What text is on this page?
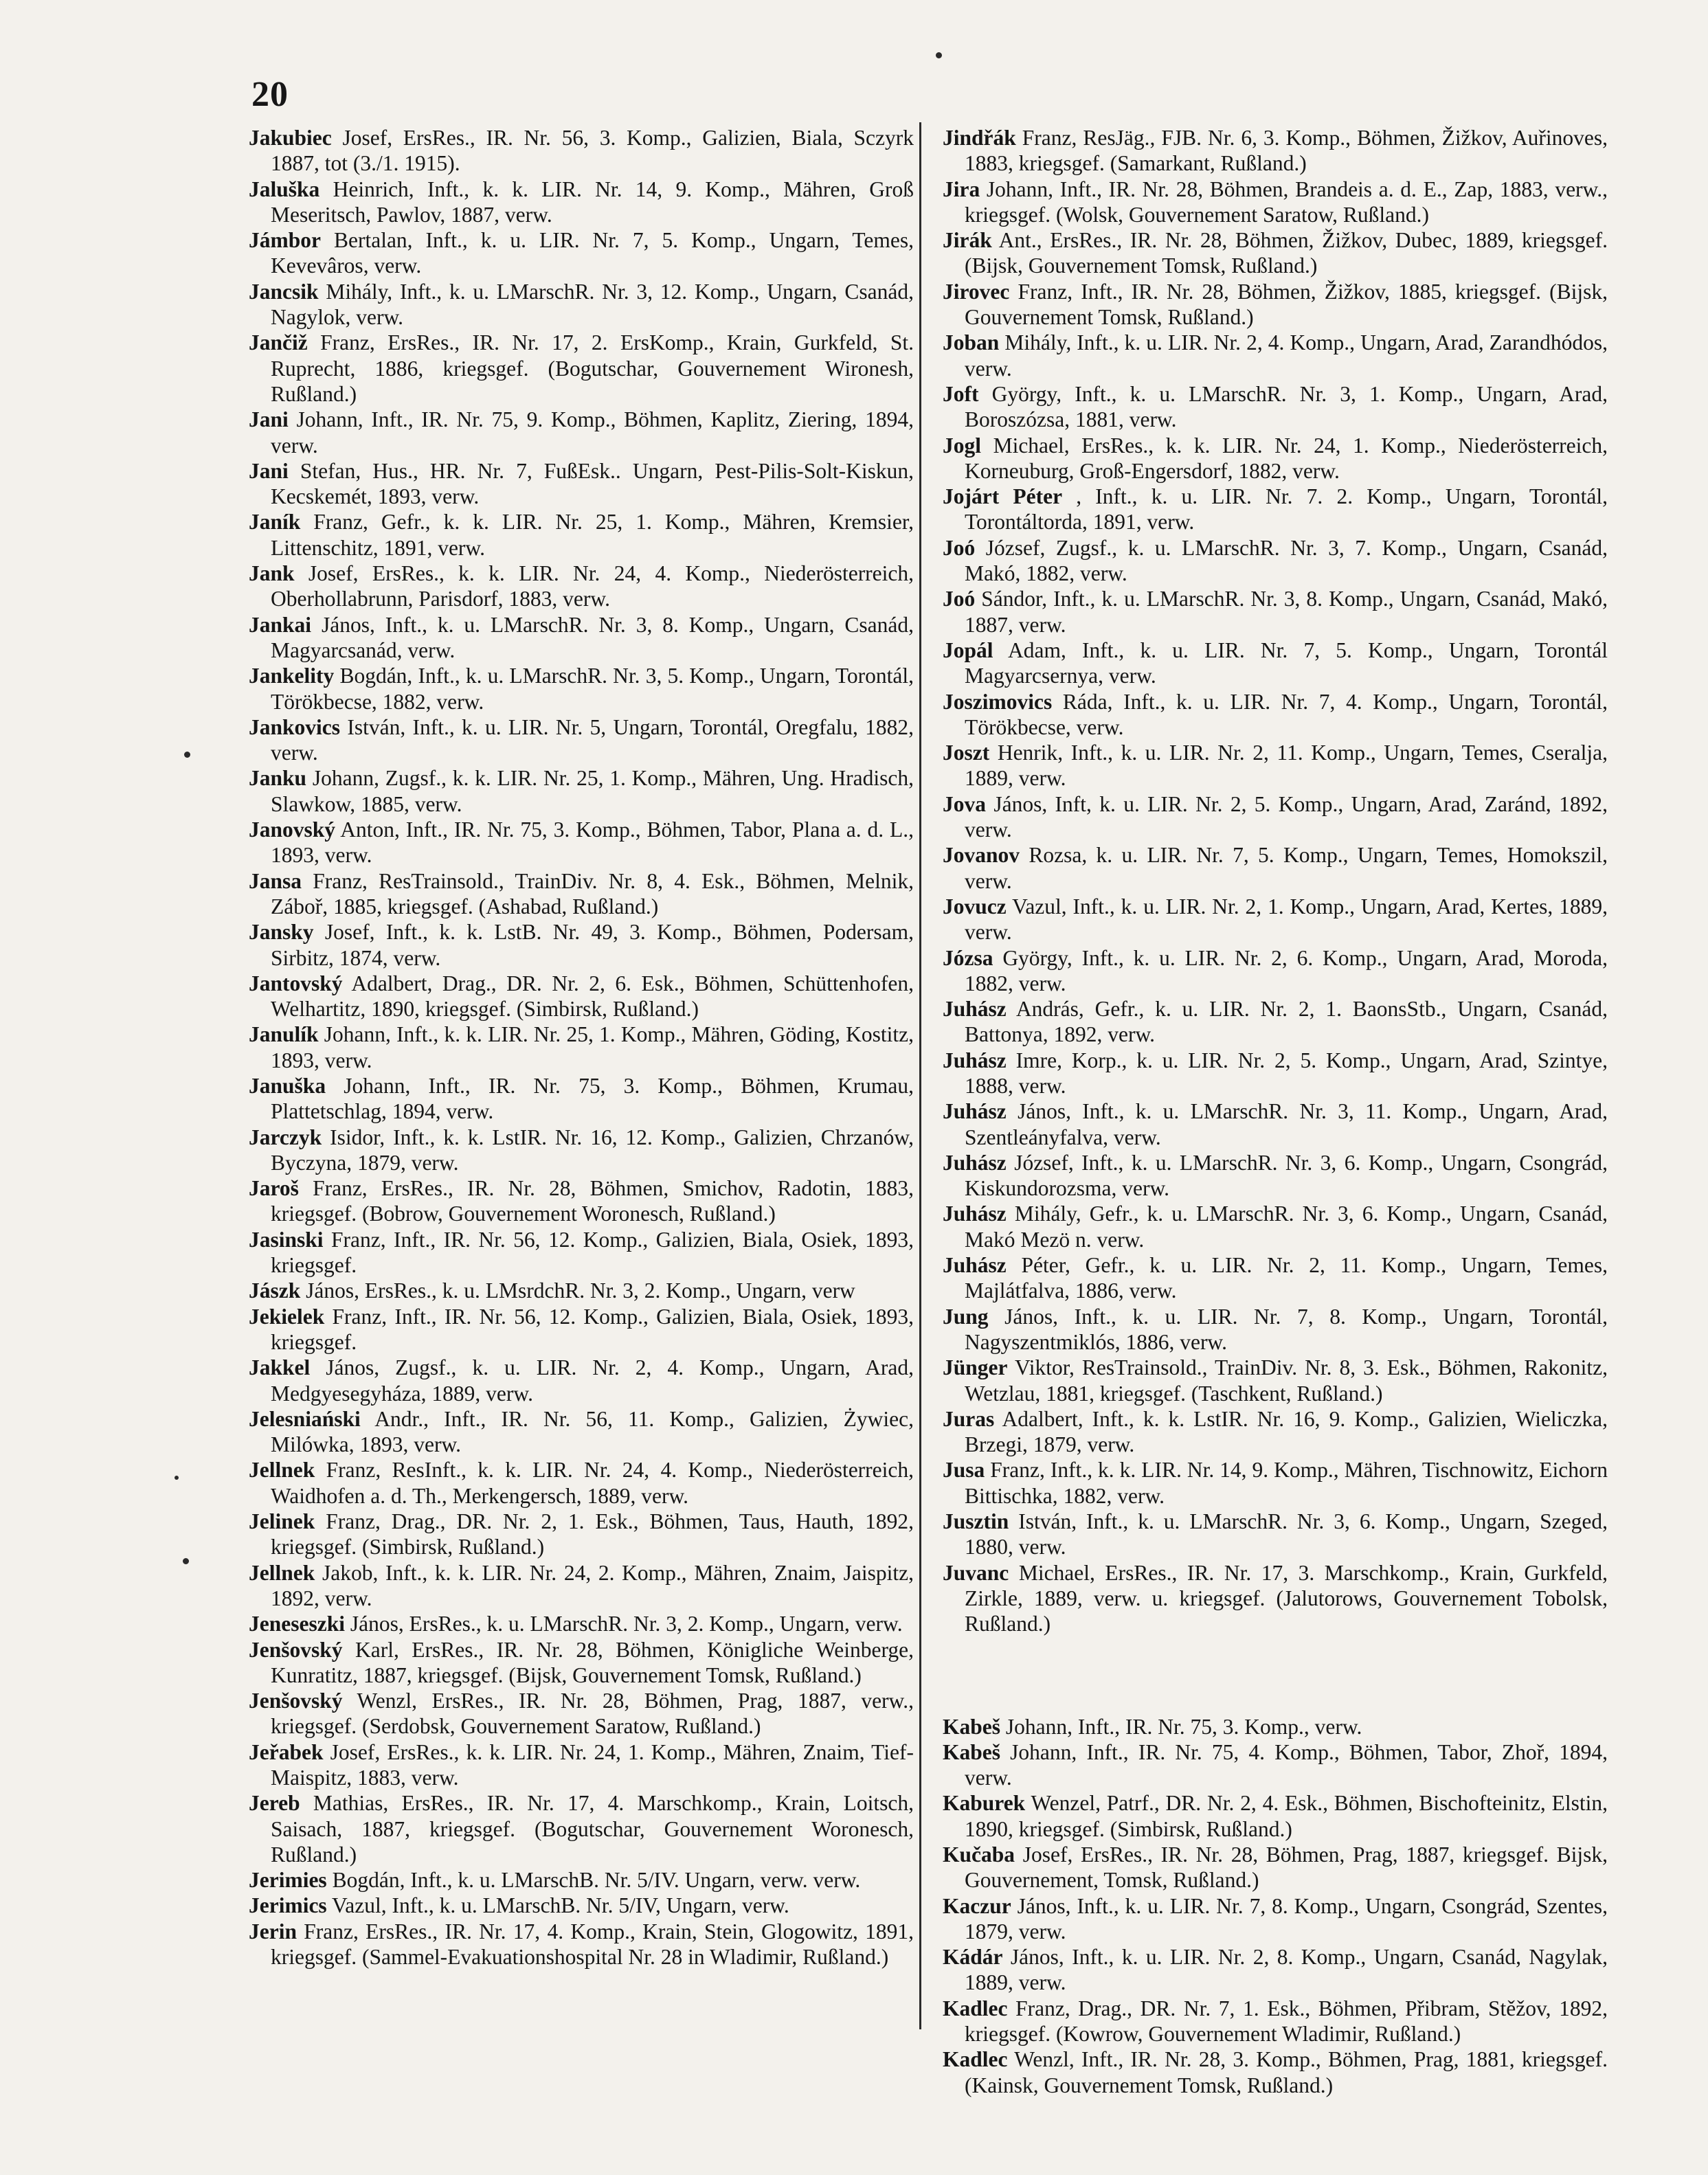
20

Jakubiec Josef, ErsRes., IR. Nr. 56, 3. Komp., Galizien, Biala, Sczyrk 1887, tot (3./1. 1915).

Jaluška Heinrich, Inft., k. k. LIR. Nr. 14, 9. Komp., Mähren, Groß Meseritsch, Pawlov, 1887, verw.

Jámbor Bertalan, Inft., k. u. LIR. Nr. 7, 5. Komp., Ungarn, Temes, Kevevâros, verw.

Jancsik Mihály, Inft., k. u. LMarschR. Nr. 3, 12. Komp., Ungarn, Csanád, Nagylok, verw.

Jančiž Franz, ErsRes., IR. Nr. 17, 2. ErsKomp., Krain, Gurkfeld, St. Ruprecht, 1886, kriegsgef. (Bogutschar, Gouvernement Wironesh, Rußland.)

Jani Johann, Inft., IR. Nr. 75, 9. Komp., Böhmen, Kaplitz, Ziering, 1894, verw.

Jani Stefan, Hus., HR. Nr. 7, FußEsk.. Ungarn, Pest-Pilis-Solt-Kiskun, Kecskemét, 1893, verw.

Janík Franz, Gefr., k. k. LIR. Nr. 25, 1. Komp., Mähren, Kremsier, Littenschitz, 1891, verw.

Jank Josef, ErsRes., k. k. LIR. Nr. 24, 4. Komp., Niederösterreich, Oberhollabrunn, Parisdorf, 1883, verw.

Jankai János, Inft., k. u. LMarschR. Nr. 3, 8. Komp., Ungarn, Csanád, Magyarcsanád, verw.

Jankelity Bogdán, Inft., k. u. LMarschR. Nr. 3, 5. Komp., Ungarn, Torontál, Törökbecse, 1882, verw.

Jankovics István, Inft., k. u. LIR. Nr. 5, Ungarn, Torontál, Oregfalu, 1882, verw.

Janku Johann, Zugsf., k. k. LIR. Nr. 25, 1. Komp., Mähren, Ung. Hradisch, Slawkow, 1885, verw.

Janovský Anton, Inft., IR. Nr. 75, 3. Komp., Böhmen, Tabor, Plana a. d. L., 1893, verw.

Jansa Franz, ResTrainsold., TrainDiv. Nr. 8, 4. Esk., Böhmen, Melnik, Zábоř, 1885, kriegsgef. (Ashabad, Rußland.)

Jansky Josef, Inft., k. k. LstB. Nr. 49, 3. Komp., Böhmen, Podersam, Sirbitz, 1874, verw.

Jantovský Adalbert, Drag., DR. Nr. 2, 6. Esk., Böhmen, Schüttenhofen, Welhartitz, 1890, kriegsgef. (Simbirsk, Rußland.)

Janulík Johann, Inft., k. k. LIR. Nr. 25, 1. Komp., Mähren, Göding, Kostitz, 1893, verw.

Januška Johann, Inft., IR. Nr. 75, 3. Komp., Böhmen, Krumau, Plattetschlag, 1894, verw.

Jarczyk Isidor, Inft., k. k. LstIR. Nr. 16, 12. Komp., Galizien, Chrzanów, Byczyna, 1879, verw.

Jaroš Franz, ErsRes., IR. Nr. 28, Böhmen, Smichov, Radotin, 1883, kriegsgef. (Bobrow, Gouvernement Woronesch, Rußland.)

Jasinski Franz, Inft., IR. Nr. 56, 12. Komp., Galizien, Biala, Osiek, 1893, kriegsgef.

Jászk János, ErsRes., k. u. LMsrdchR. Nr. 3, 2. Komp., Ungarn, verw

Jekielek Franz, Inft., IR. Nr. 56, 12. Komp., Galizien, Biala, Osiek, 1893, kriegsgef.

Jakkel János, Zugsf., k. u. LIR. Nr. 2, 4. Komp., Ungarn, Arad, Medgyesegyháza, 1889, verw.

Jelesniański Andr., Inft., IR. Nr. 56, 11. Komp., Galizien, Żywiec, Milówka, 1893, verw.

Jellnek Franz, ResInft., k. k. LIR. Nr. 24, 4. Komp., Niederösterreich, Waidhofen a. d. Th., Merkengersch, 1889, verw.

Jelinek Franz, Drag., DR. Nr. 2, 1. Esk., Böhmen, Taus, Hauth, 1892, kriegsgef. (Simbirsk, Rußland.)

Jellnek Jakob, Inft., k. k. LIR. Nr. 24, 2. Komp., Mähren, Znaim, Jaispitz, 1892, verw.

Jeneseszki János, ErsRes., k. u. LMarschR. Nr. 3, 2. Komp., Ungarn, verw.

Jenšovský Karl, ErsRes., IR. Nr. 28, Böhmen, Königliche Weinberge, Kunratitz, 1887, kriegsgef. (Bijsk, Gouvernement Tomsk, Rußland.)

Jenšovský Wenzl, ErsRes., IR. Nr. 28, Böhmen, Prag, 1887, verw., kriegsgef. (Serdobsk, Gouvernement Saratow, Rußland.)

Jeřabek Josef, ErsRes., k. k. LIR. Nr. 24, 1. Komp., Mähren, Znaim, Tief-Maispitz, 1883, verw.

Jereb Mathias, ErsRes., IR. Nr. 17, 4. Marschkomp., Krain, Loitsch, Saisach, 1887, kriegsgef. (Bogutschar, Gouvernement Woronesch, Rußland.)

Jerimies Bogdán, Inft., k. u. LMarschB. Nr. 5/IV. Ungarn, verw. verw.

Jerimics Vazul, Inft., k. u. LMarschB. Nr. 5/IV, Ungarn, verw.

Jerin Franz, ErsRes., IR. Nr. 17, 4. Komp., Krain, Stein, Glogowitz, 1891, kriegsgef. (Sammel-Evakuationshospital Nr. 28 in Wladimir, Rußland.)

Jindřák Franz, ResJäg., FJB. Nr. 6, 3. Komp., Böhmen, Žižkov, Auřinoves, 1883, kriegsgef. (Samarkant, Rußland.)

Jira Johann, Inft., IR. Nr. 28, Böhmen, Brandeis a. d. E., Zap, 1883, verw., kriegsgef. (Wolsk, Gouvernement Saratow, Rußland.)

Jirák Ant., ErsRes., IR. Nr. 28, Böhmen, Žižkov, Dubec, 1889, kriegsgef. (Bijsk, Gouvernement Tomsk, Rußland.)

Jirovec Franz, Inft., IR. Nr. 28, Böhmen, Žižkov, 1885, kriegsgef. (Bijsk, Gouvernement Tomsk, Rußland.)

Joban Mihály, Inft., k. u. LIR. Nr. 2, 4. Komp., Ungarn, Arad, Zarandhódos, verw.

Joft György, Inft., k. u. LMarschR. Nr. 3, 1. Komp., Ungarn, Arad, Boroszózsa, 1881, verw.

Jogl Michael, ErsRes., k. k. LIR. Nr. 24, 1. Komp., Niederösterreich, Korneuburg, Groß-Engersdorf, 1882, verw.

Jojárt Péter , Inft., k. u. LIR. Nr. 7. 2. Komp., Ungarn, Torontál, Torontáltorda, 1891, verw.

Joó József, Zugsf., k. u. LMarschR. Nr. 3, 7. Komp., Ungarn, Csanád, Makó, 1882, verw.

Joó Sándor, Inft., k. u. LMarschR. Nr. 3, 8. Komp., Ungarn, Csanád, Makó, 1887, verw.

Jopál Adam, Inft., k. u. LIR. Nr. 7, 5. Komp., Ungarn, Torontál Magyarcsernya, verw.

Joszimovics Ráda, Inft., k. u. LIR. Nr. 7, 4. Komp., Ungarn, Torontál, Törökbecse, verw.

Joszt Henrik, Inft., k. u. LIR. Nr. 2, 11. Komp., Ungarn, Temes, Cseralja, 1889, verw.

Jova János, Inft, k. u. LIR. Nr. 2, 5. Komp., Ungarn, Arad, Zaránd, 1892, verw.

Jovanov Rozsa, k. u. LIR. Nr. 7, 5. Komp., Ungarn, Temes, Homokszil, verw.

Jovucz Vazul, Inft., k. u. LIR. Nr. 2, 1. Komp., Ungarn, Arad, Kertes, 1889, verw.

Józsa György, Inft., k. u. LIR. Nr. 2, 6. Komp., Ungarn, Arad, Moroda, 1882, verw.

Juhász András, Gefr., k. u. LIR. Nr. 2, 1. BaonsStb., Ungarn, Csanád, Battonya, 1892, verw.

Juhász Imre, Korp., k. u. LIR. Nr. 2, 5. Komp., Ungarn, Arad, Szintye, 1888, verw.

Juhász János, Inft., k. u. LMarschR. Nr. 3, 11. Komp., Ungarn, Arad, Szentleányfalva, verw.

Juhász József, Inft., k. u. LMarschR. Nr. 3, 6. Komp., Ungarn, Csongrád, Kiskundorozsma, verw.

Juhász Mihály, Gefr., k. u. LMarschR. Nr. 3, 6. Komp., Ungarn, Csanád, Makó Mezö n. verw.

Juhász Péter, Gefr., k. u. LIR. Nr. 2, 11. Komp., Ungarn, Temes, Majlátfalva, 1886, verw.

Jung János, Inft., k. u. LIR. Nr. 7, 8. Komp., Ungarn, Torontál, Nagyszentmiklós, 1886, verw.

Jünger Viktor, ResTrainsold., TrainDiv. Nr. 8, 3. Esk., Böhmen, Rakonitz, Wetzlau, 1881, kriegsgef. (Taschkent, Rußland.)

Juras Adalbert, Inft., k. k. LstIR. Nr. 16, 9. Komp., Galizien, Wieliczka, Brzegi, 1879, verw.

Jusa Franz, Inft., k. k. LIR. Nr. 14, 9. Komp., Mähren, Tischnowitz, Eichorn Bittischka, 1882, verw.

Jusztin István, Inft., k. u. LMarschR. Nr. 3, 6. Komp., Ungarn, Szeged, 1880, verw.

Juvanc Michael, ErsRes., IR. Nr. 17, 3. Marschkomp., Krain, Gurkfeld, Zirkle, 1889, verw. u. kriegsgef. (Jalutorows, Gouvernement Tobolsk, Rußland.)

Kabeš Johann, Inft., IR. Nr. 75, 3. Komp., verw.

Kabeš Johann, Inft., IR. Nr. 75, 4. Komp., Böhmen, Tabor, Zhoř, 1894, verw.

Kaburek Wenzel, Patrf., DR. Nr. 2, 4. Esk., Böhmen, Bischofteinitz, Elstin, 1890, kriegsgef. (Simbirsk, Rußland.)

Kučaba Josef, ErsRes., IR. Nr. 28, Böhmen, Prag, 1887, kriegsgef. Bijsk, Gouvernement, Tomsk, Rußland.)

Kaczur János, Inft., k. u. LIR. Nr. 7, 8. Komp., Ungarn, Csongrád, Szentes, 1879, verw.

Kádár János, Inft., k. u. LIR. Nr. 2, 8. Komp., Ungarn, Csanád, Nagylak, 1889, verw.

Kadlec Franz, Drag., DR. Nr. 7, 1. Esk., Böhmen, Přibram, Stěžov, 1892, kriegsgef. (Kowrow, Gouvernement Wladimir, Rußland.)

Kadlec Wenzl, Inft., IR. Nr. 28, 3. Komp., Böhmen, Prag, 1881, kriegsgef. (Kainsk, Gouvernement Tomsk, Rußland.)
